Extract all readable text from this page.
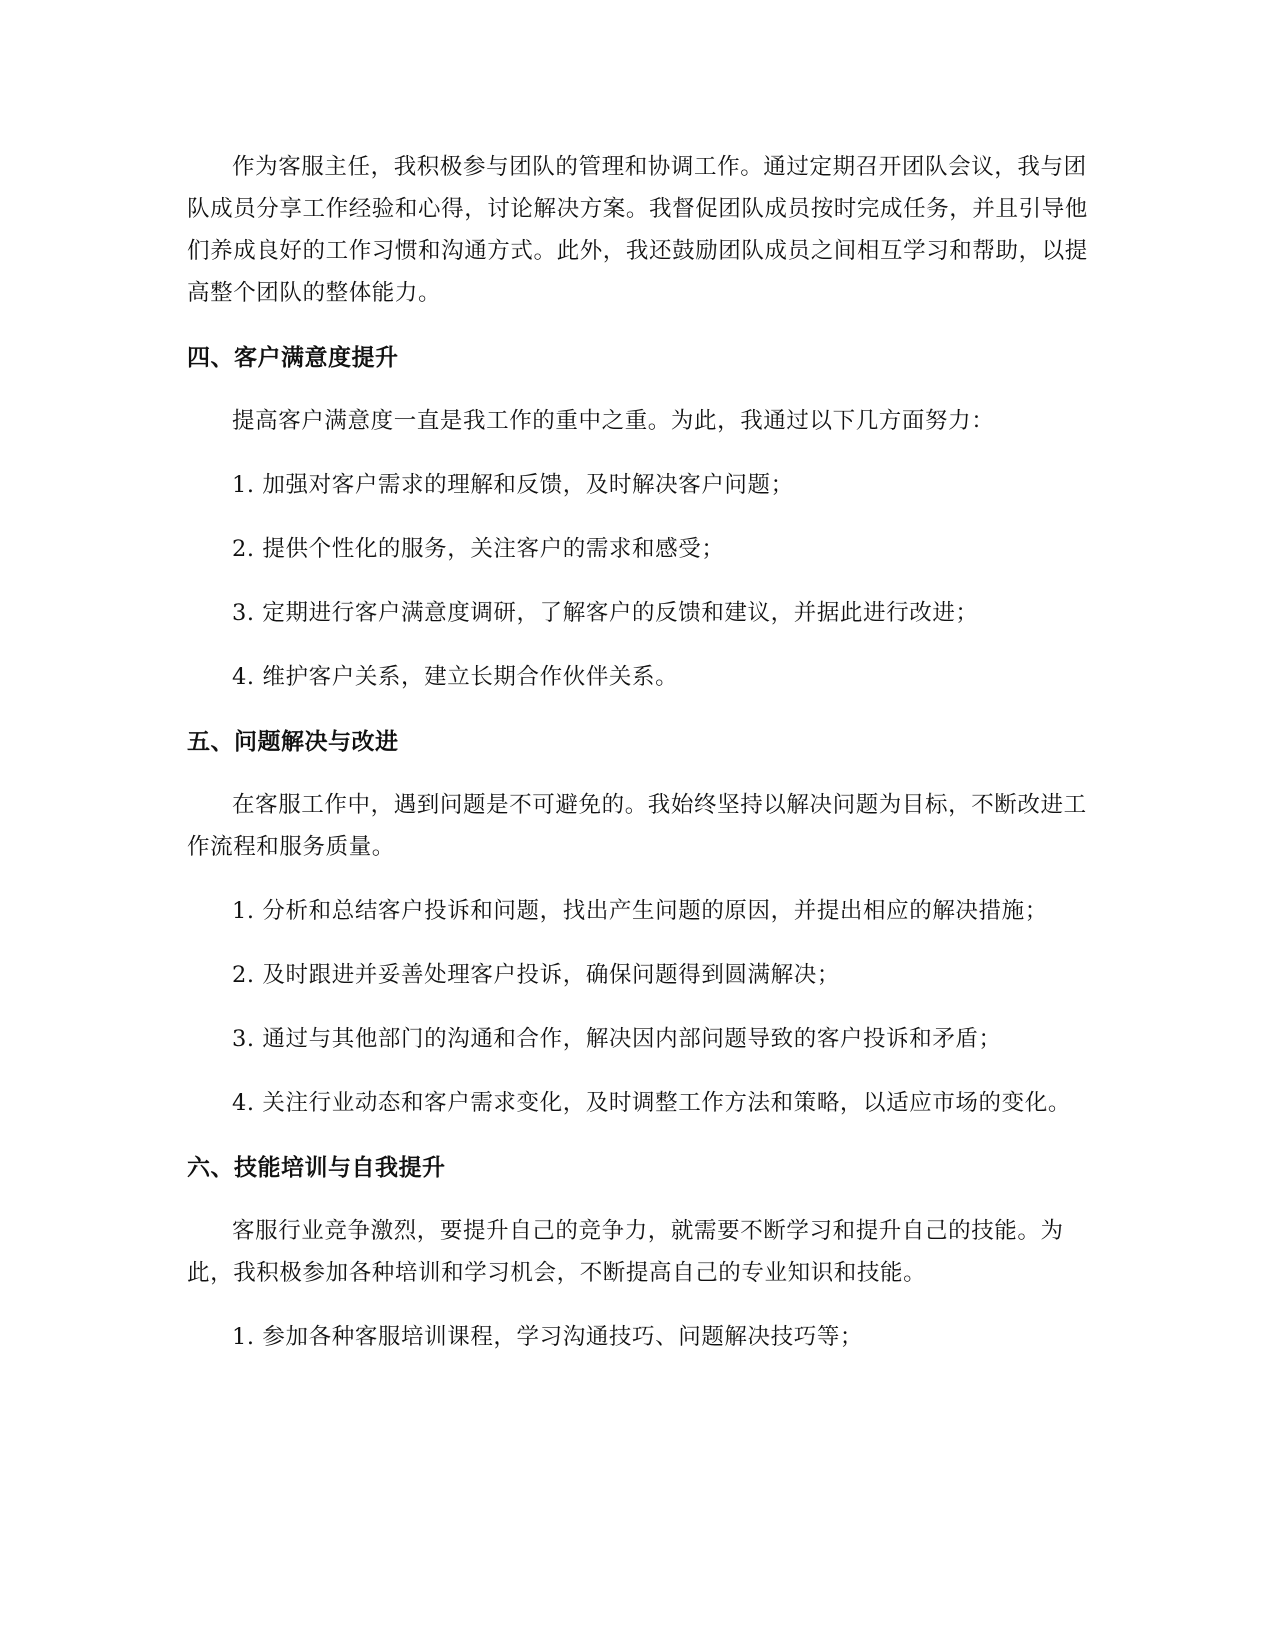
作为客服主任，我积极参与团队的管理和协调工作。通过定期召开团队会议，我与团队成员分享工作经验和心得，讨论解决方案。我督促团队成员按时完成任务，并且引导他们养成良好的工作习惯和沟通方式。此外，我还鼓励团队成员之间相互学习和帮助，以提高整个团队的整体能力。

四、客户满意度提升

提高客户满意度一直是我工作的重中之重。为此，我通过以下几方面努力：

1. 加强对客户需求的理解和反馈，及时解决客户问题；

2. 提供个性化的服务，关注客户的需求和感受；

3. 定期进行客户满意度调研，了解客户的反馈和建议，并据此进行改进；

4. 维护客户关系，建立长期合作伙伴关系。

五、问题解决与改进

在客服工作中，遇到问题是不可避免的。我始终坚持以解决问题为目标，不断改进工作流程和服务质量。

1. 分析和总结客户投诉和问题，找出产生问题的原因，并提出相应的解决措施；

2. 及时跟进并妥善处理客户投诉，确保问题得到圆满解决；

3. 通过与其他部门的沟通和合作，解决因内部问题导致的客户投诉和矛盾；

4. 关注行业动态和客户需求变化，及时调整工作方法和策略，以适应市场的变化。

六、技能培训与自我提升

客服行业竞争激烈，要提升自己的竞争力，就需要不断学习和提升自己的技能。为此，我积极参加各种培训和学习机会，不断提高自己的专业知识和技能。

1. 参加各种客服培训课程，学习沟通技巧、问题解决技巧等；
